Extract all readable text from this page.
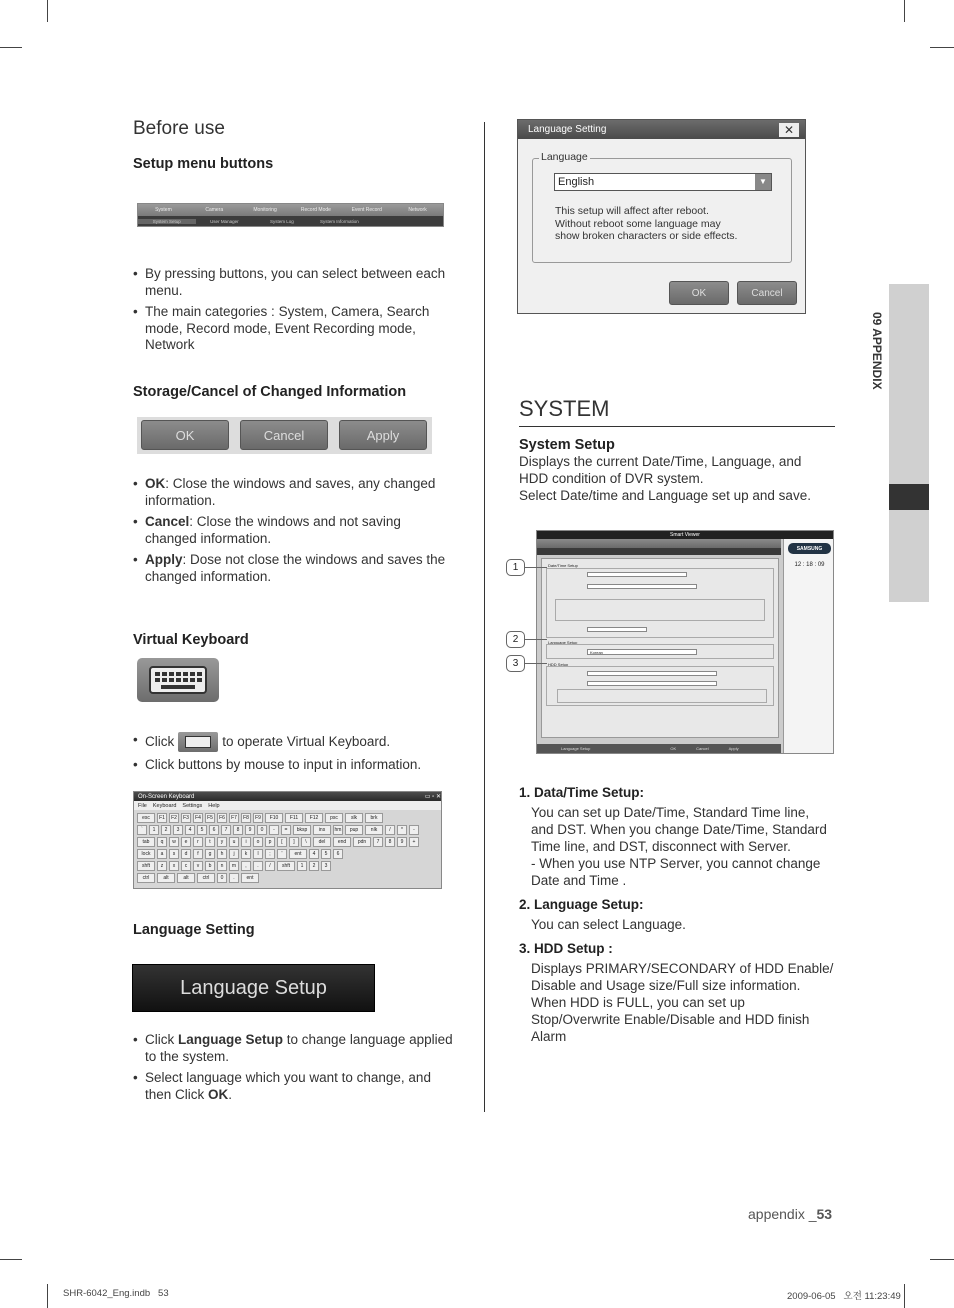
Before use
Setup menu buttons
System	Camera	Monitoring	Record Mode	Event Record	Network
System Setup	User Manager	System Log	System Information
• By pressing buttons, you can select between each menu.
• The main categories : System, Camera, Search mode, Record mode, Event Recording mode, Network
Storage/Cancel of Changed Information
OK	Cancel	Apply
• OK: Close the windows and saves, any changed information.
• Cancel: Close the windows and not saving changed information.
• Apply: Dose not close the windows and saves the changed information.
Virtual Keyboard
• Click	to operate Virtual Keyboard.
• Click buttons by mouse to input in information.
On-Screen Keyboard	▭ ▫ ✕
File Keyboard Settings Help
esc	F1	F2	F3	F4	F5	F6	F7	F8	F9	F10	F11	F12	psc	slk	brk
`	1	2	3	4	5	6	7	8	9	0	-	=	bksp	ins	hm	pup	nlk	/	*	-
tab	q	w	e	r	t	y	u	i	o	p	[	]	\	del	end	pdn	7	8	9	+
lock	a	s	d	f	g	h	j	k	l	;	'	ent	4	5	6
shft	z	x	c	v	b	n	m	,	.	/	shft	1	2	3
ctrl	alt	alt	ctrl	0	.	ent
Language Setting
Language Setup
• Click Language Setup to change language applied to the system.
• Select language which you want to change, and then Click OK.
Language Setting	✕
Language
English	▼
This setup will affect after reboot.
Without reboot some language may
show broken characters or side effects.
OK	Cancel
SYSTEM
System Setup
Displays the current Date/Time, Language, and HDD condition of DVR system.
Select Date/time and Language set up and save.
Smart Viewer
Date/Time Setup
Language Setup
Korean
HDD Setup
Language Setup	OK	Cancel	Apply
SAMSUNG
12 : 18 : 09
1
2
3
1. Data/Time Setup:
You can set up Date/Time, Standard Time line, and DST. When you change Date/Time, Standard Time line, and DST, disconnect with Server.
- When you use NTP Server, you cannot change Date and Time .
2. Language Setup:
You can select Language.
3. HDD Setup :
Displays PRIMARY/SECONDARY of HDD Enable/ Disable and Usage size/Full size information.
When HDD is FULL, you can set up Stop/Overwrite Enable/Disable and HDD finish Alarm
09 APPENDIX
appendix _53
SHR-6042_Eng.indb   53	2009-06-05   오전 11:23:49
